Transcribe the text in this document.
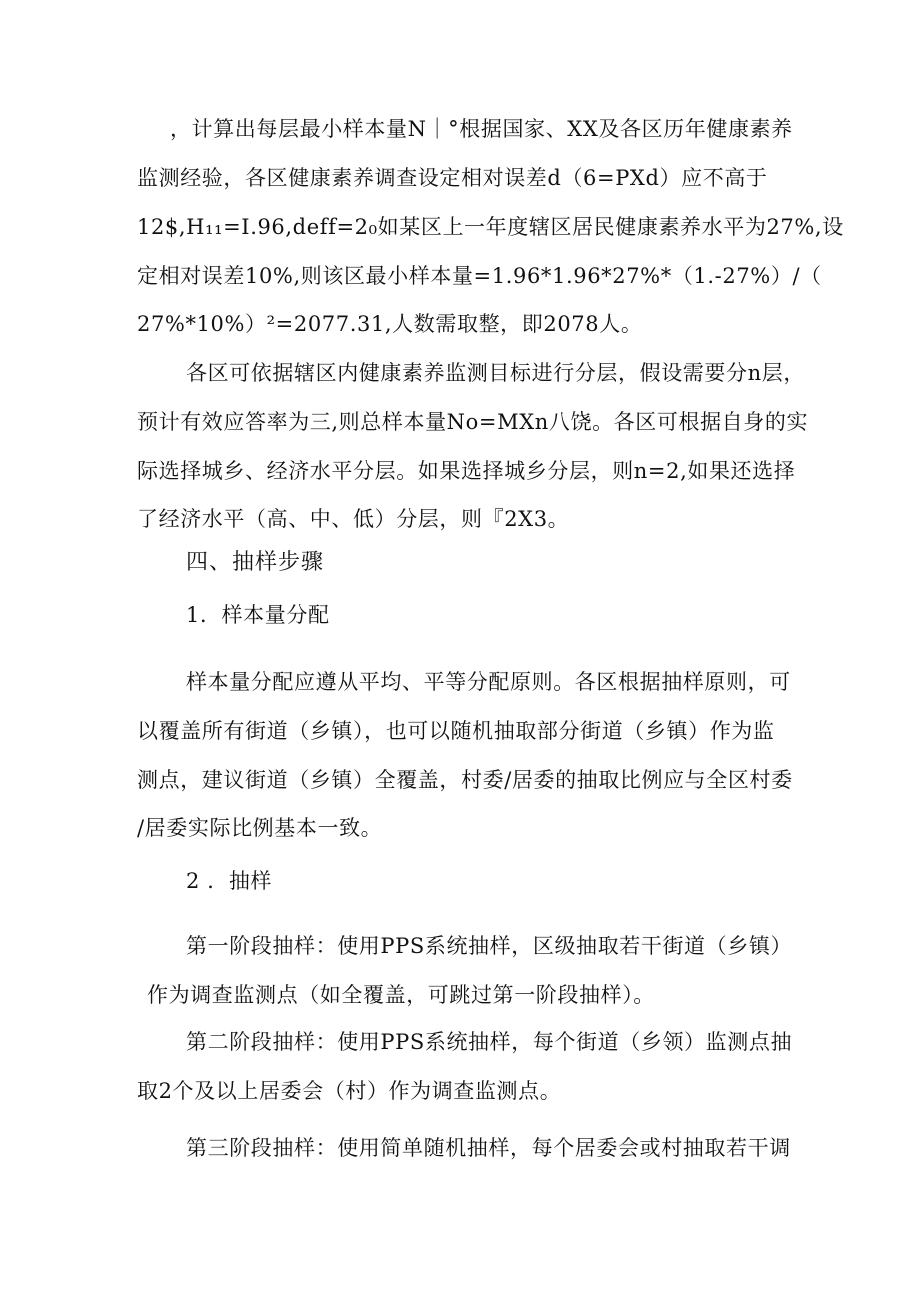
，计算出每层最小样本量N｜°根据国家、XX及各区历年健康素养
监测经验，各区健康素养调查设定相对误差d（6=PXd）应不高于
12$,H₁₁=I.96,deff=2₀如某区上一年度辖区居民健康素养水平为27%,设
定相对误差10%,则该区最小样本量=1.96*1.96*27%*（1.-27%）/（
27%*10%）²=2077.31,人数需取整，即2078人。
各区可依据辖区内健康素养监测目标进行分层，假设需要分n层，
预计有效应答率为三,则总样本量No=MXn八饶。各区可根据自身的实
际选择城乡、经济水平分层。如果选择城乡分层，则n=2,如果还选择
了经济水平（高、中、低）分层，则『2X3。
四、抽样步骤
1．样本量分配
样本量分配应遵从平均、平等分配原则。各区根据抽样原则，可
以覆盖所有街道（乡镇），也可以随机抽取部分街道（乡镇）作为监
测点，建议街道（乡镇）全覆盖，村委/居委的抽取比例应与全区村委
/居委实际比例基本一致。
2 ．抽样
第一阶段抽样：使用PPS系统抽样，区级抽取若干街道（乡镇）
作为调查监测点（如全覆盖，可跳过第一阶段抽样）。
第二阶段抽样：使用PPS系统抽样，每个街道（乡领）监测点抽
取2个及以上居委会（村）作为调查监测点。
第三阶段抽样：使用简单随机抽样，每个居委会或村抽取若干调
